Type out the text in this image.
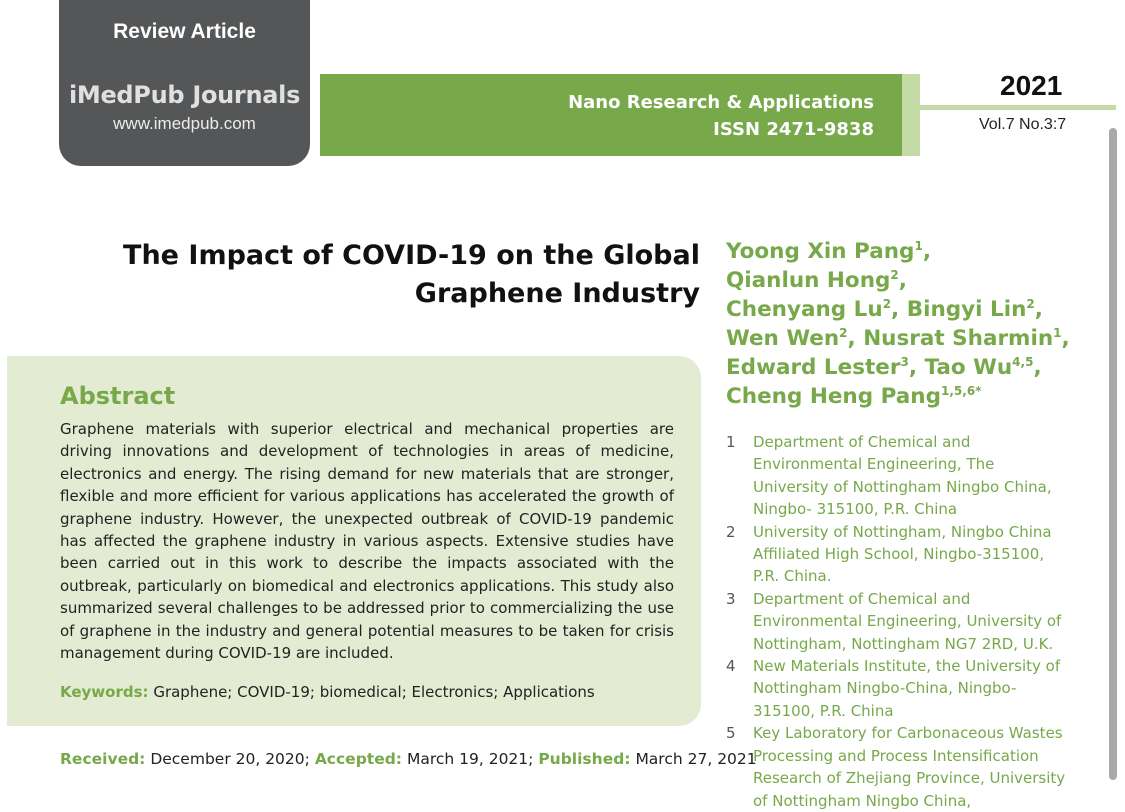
Review Article
iMedPub Journals
www.imedpub.com
Nano Research & Applications
ISSN 2471-9838
2021
Vol.7 No.3:7
The Impact of COVID-19 on the Global
Graphene Industry
Yoong Xin Pang$^1$,
Qianlun Hong$^2$,
Chenyang Lu$^2$, Bingyi Lin$^2$,
Wen Wen$^2$, Nusrat Sharmin$^1$,
Edward Lester$^3$, Tao Wu$^{4,5}$,
Cheng Heng Pang$^{1,5,6*}$
Abstract
Graphene materials with superior electrical and mechanical properties are driving innovations and development of technologies in areas of medicine, electronics and energy. The rising demand for new materials that are stronger, flexible and more efficient for various applications has accelerated the growth of graphene industry. However, the unexpected outbreak of COVID-19 pandemic has affected the graphene industry in various aspects. Extensive studies have been carried out in this work to describe the impacts associated with the outbreak, particularly on biomedical and electronics applications. This study also summarized several challenges to be addressed prior to commercializing the use of graphene in the industry and general potential measures to be taken for crisis management during COVID-19 are included.
Keywords: Graphene; COVID-19; biomedical; Electronics; Applications
Received: December 20, 2020; Accepted: March 19, 2021; Published: March 27, 2021
1	Department of Chemical and Environmental Engineering, The University of Nottingham Ningbo China, Ningbo- 315100, P.R. China
2	University of Nottingham, Ningbo China Affiliated High School, Ningbo-315100, P.R. China.
3	Department of Chemical and Environmental Engineering, University of Nottingham, Nottingham NG7 2RD, U.K.
4	New Materials Institute, the University of Nottingham Ningbo-China, Ningbo- 315100, P.R. China
5	Key Laboratory for Carbonaceous Wastes Processing and Process Intensification Research of Zhejiang Province, University of Nottingham Ningbo China,
